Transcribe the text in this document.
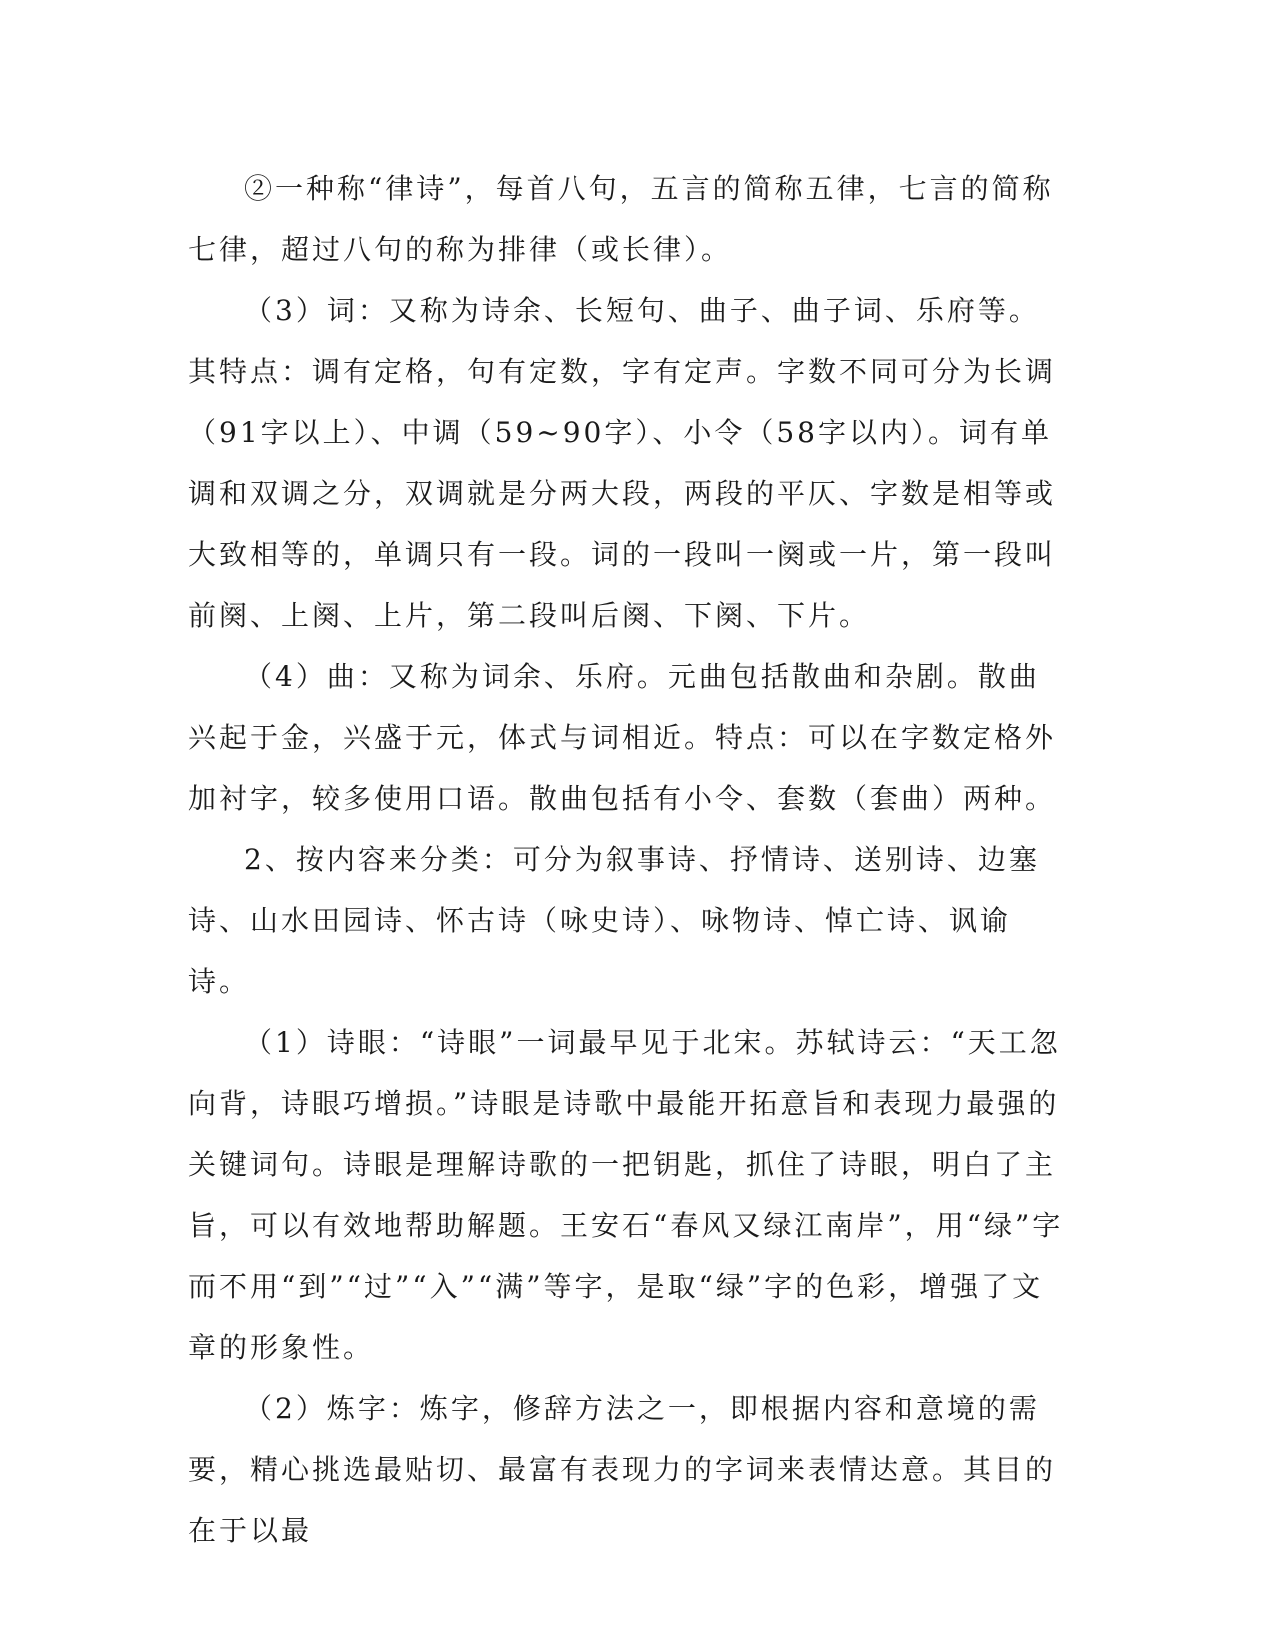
②一种称“律诗”，每首八句，五言的简称五律，七言的简称七律，超过八句的称为排律（或长律）。

（3）词：又称为诗余、长短句、曲子、曲子词、乐府等。其特点：调有定格，句有定数，字有定声。字数不同可分为长调（91字以上）、中调（59~90字）、小令（58字以内）。词有单调和双调之分，双调就是分两大段，两段的平仄、字数是相等或大致相等的，单调只有一段。词的一段叫一阕或一片，第一段叫前阕、上阕、上片，第二段叫后阕、下阕、下片。

（4）曲：又称为词余、乐府。元曲包括散曲和杂剧。散曲兴起于金，兴盛于元，体式与词相近。特点：可以在字数定格外加衬字，较多使用口语。散曲包括有小令、套数（套曲）两种。

2、按内容来分类：可分为叙事诗、抒情诗、送别诗、边塞诗、山水田园诗、怀古诗（咏史诗）、咏物诗、悼亡诗、讽谕诗。

（1）诗眼：“诗眼”一词最早见于北宋。苏轼诗云：“天工忽向背，诗眼巧增损。”诗眼是诗歌中最能开拓意旨和表现力最强的关键词句。诗眼是理解诗歌的一把钥匙，抓住了诗眼，明白了主旨，可以有效地帮助解题。王安石“春风又绿江南岸”，用“绿”字而不用“到”“过”“入”“满”等字，是取“绿”字的色彩，增强了文章的形象性。

（2）炼字：炼字，修辞方法之一，即根据内容和意境的需要，精心挑选最贴切、最富有表现力的字词来表情达意。其目的在于以最
